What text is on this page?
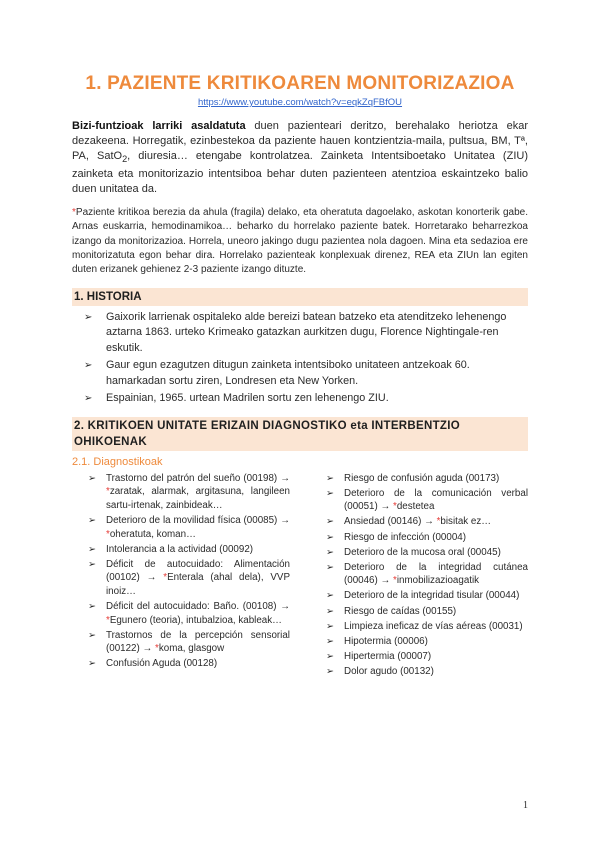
1. PAZIENTE KRITIKOAREN MONITORIZAZIOA
https://www.youtube.com/watch?v=eqkZqFBfOU

Bizi-funtzioak larriki asaldatuta duen pazienteari deritzo, berehalako heriotza ekar dezakeena. Horregatik, ezinbestekoa da paziente hauen kontzientzia-maila, pultsua, BM, Tª, PA, SatO$_2$, diuresia… etengabe kontrolatzea. Zainketa Intentsiboetako Unitatea (ZIU) zainketa eta monitorizazio intentsiboa behar duten pazienteen atentzioa eskaintzeko balio duen unitatea da.

*Paziente kritikoa berezia da ahula (fragila) delako, eta oheratuta dagoelako, askotan konorterik gabe. Arnas euskarria, hemodinamikoa… beharko du horrelako paziente batek. Horretarako beharrezkoa izango da monitorizazioa. Horrela, uneoro jakingo dugu pazientea nola dagoen. Mina eta sedazioa ere monitorizatuta egon behar dira. Horrelako pazienteak konplexuak direnez, REA eta ZIUn lan egiten duten erizanek gehienez 2-3 paziente izango dituzte.

1. HISTORIA
➢ Gaixorik larrienak ospitaleko alde bereizi batean batzeko eta atenditzeko lehenengo aztarna 1863. urteko Krimeako gatazkan aurkitzen dugu, Florence Nightingale-ren eskutik.
➢ Gaur egun ezagutzen ditugun zainketa intentsiboko unitateen antzekoak 60. hamarkadan sortu ziren, Londresen eta New Yorken.
➢ Espainian, 1965. urtean Madrilen sortu zen lehenengo ZIU.
2. KRITIKOEN UNITATE ERIZAIN DIAGNOSTIKO eta INTERBENTZIO OHIKOENAK
2.1. Diagnostikoak
➢ Trastorno del patrón del sueño (00198) → *zaratak, alarmak, argitasuna, langileen sartu-irtenak, zainbideak…
➢ Deterioro de la movilidad física (00085) → *oheratuta, koman…
➢ Intolerancia a la actividad (00092)
➢ Déficit de autocuidado: Alimentación (00102) → *Enterala (ahal dela), VVP inoiz…
➢ Déficit del autocuidado: Baño. (00108) → *Egunero (teoria), intubalzioa, kableak…
➢ Trastornos de la percepción sensorial (00122) → *koma, glasgow
➢ Confusión Aguda (00128)
➢ Riesgo de confusión aguda (00173)
➢ Deterioro de la comunicación verbal (00051) → *destetea
➢ Ansiedad (00146) → *bisitak ez…
➢ Riesgo de infección (00004)
➢ Deterioro de la mucosa oral (00045)
➢ Deterioro de la integridad cutánea (00046) → *inmobilizazioagatik
➢ Deterioro de la integridad tisular (00044)
➢ Riesgo de caídas (00155)
➢ Limpieza ineficaz de vías aéreas (00031)
➢ Hipotermia (00006)
➢ Hipertermia (00007)
➢ Dolor agudo (00132)
1
